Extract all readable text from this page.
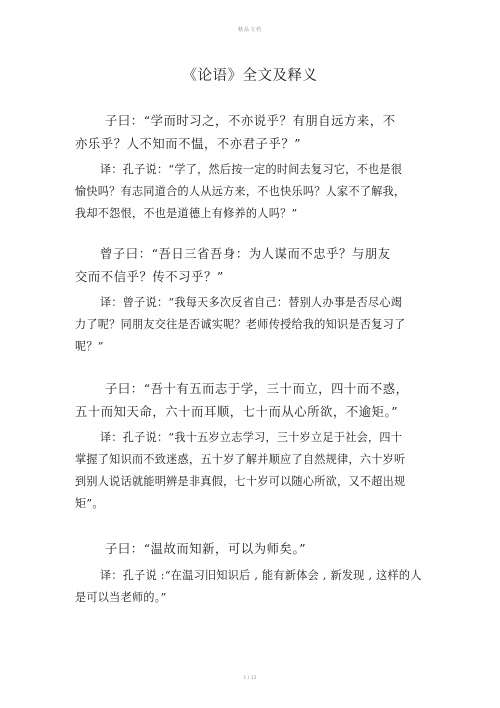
精品文档
《论语》全文及释义
子曰：“学而时习之，不亦说乎？有朋自远方来，不
亦乐乎？人不知而不愠，不亦君子乎？”
译：孔子说：“学了，然后按一定的时间去复习它，不也是很
愉快吗？有志同道合的人从远方来，不也快乐吗？人家不了解我，
我却不怨恨，不也是道德上有修养的人吗？”
曾子曰：“吾日三省吾身：为人谋而不忠乎？与朋友
交而不信乎？传不习乎？”
译：曾子说：“我每天多次反省自己：替别人办事是否尽心竭
力了呢？同朋友交往是否诚实呢？老师传授给我的知识是否复习了
呢？”
子曰：“吾十有五而志于学，三十而立，四十而不惑，
五十而知天命，六十而耳顺，七十而从心所欲，不逾矩。”
译：孔子说：“我十五岁立志学习，三十岁立足于社会，四十
掌握了知识而不致迷惑，五十岁了解并顺应了自然规律，六十岁听
到别人说话就能明辨是非真假，七十岁可以随心所欲，又不超出规
矩”。
子曰：“温故而知新，可以为师矣。”
译：孔子说 :“在温习旧知识后 , 能有新体会 , 新发现 , 这样的人
是可以当老师的。”
1 / 12
